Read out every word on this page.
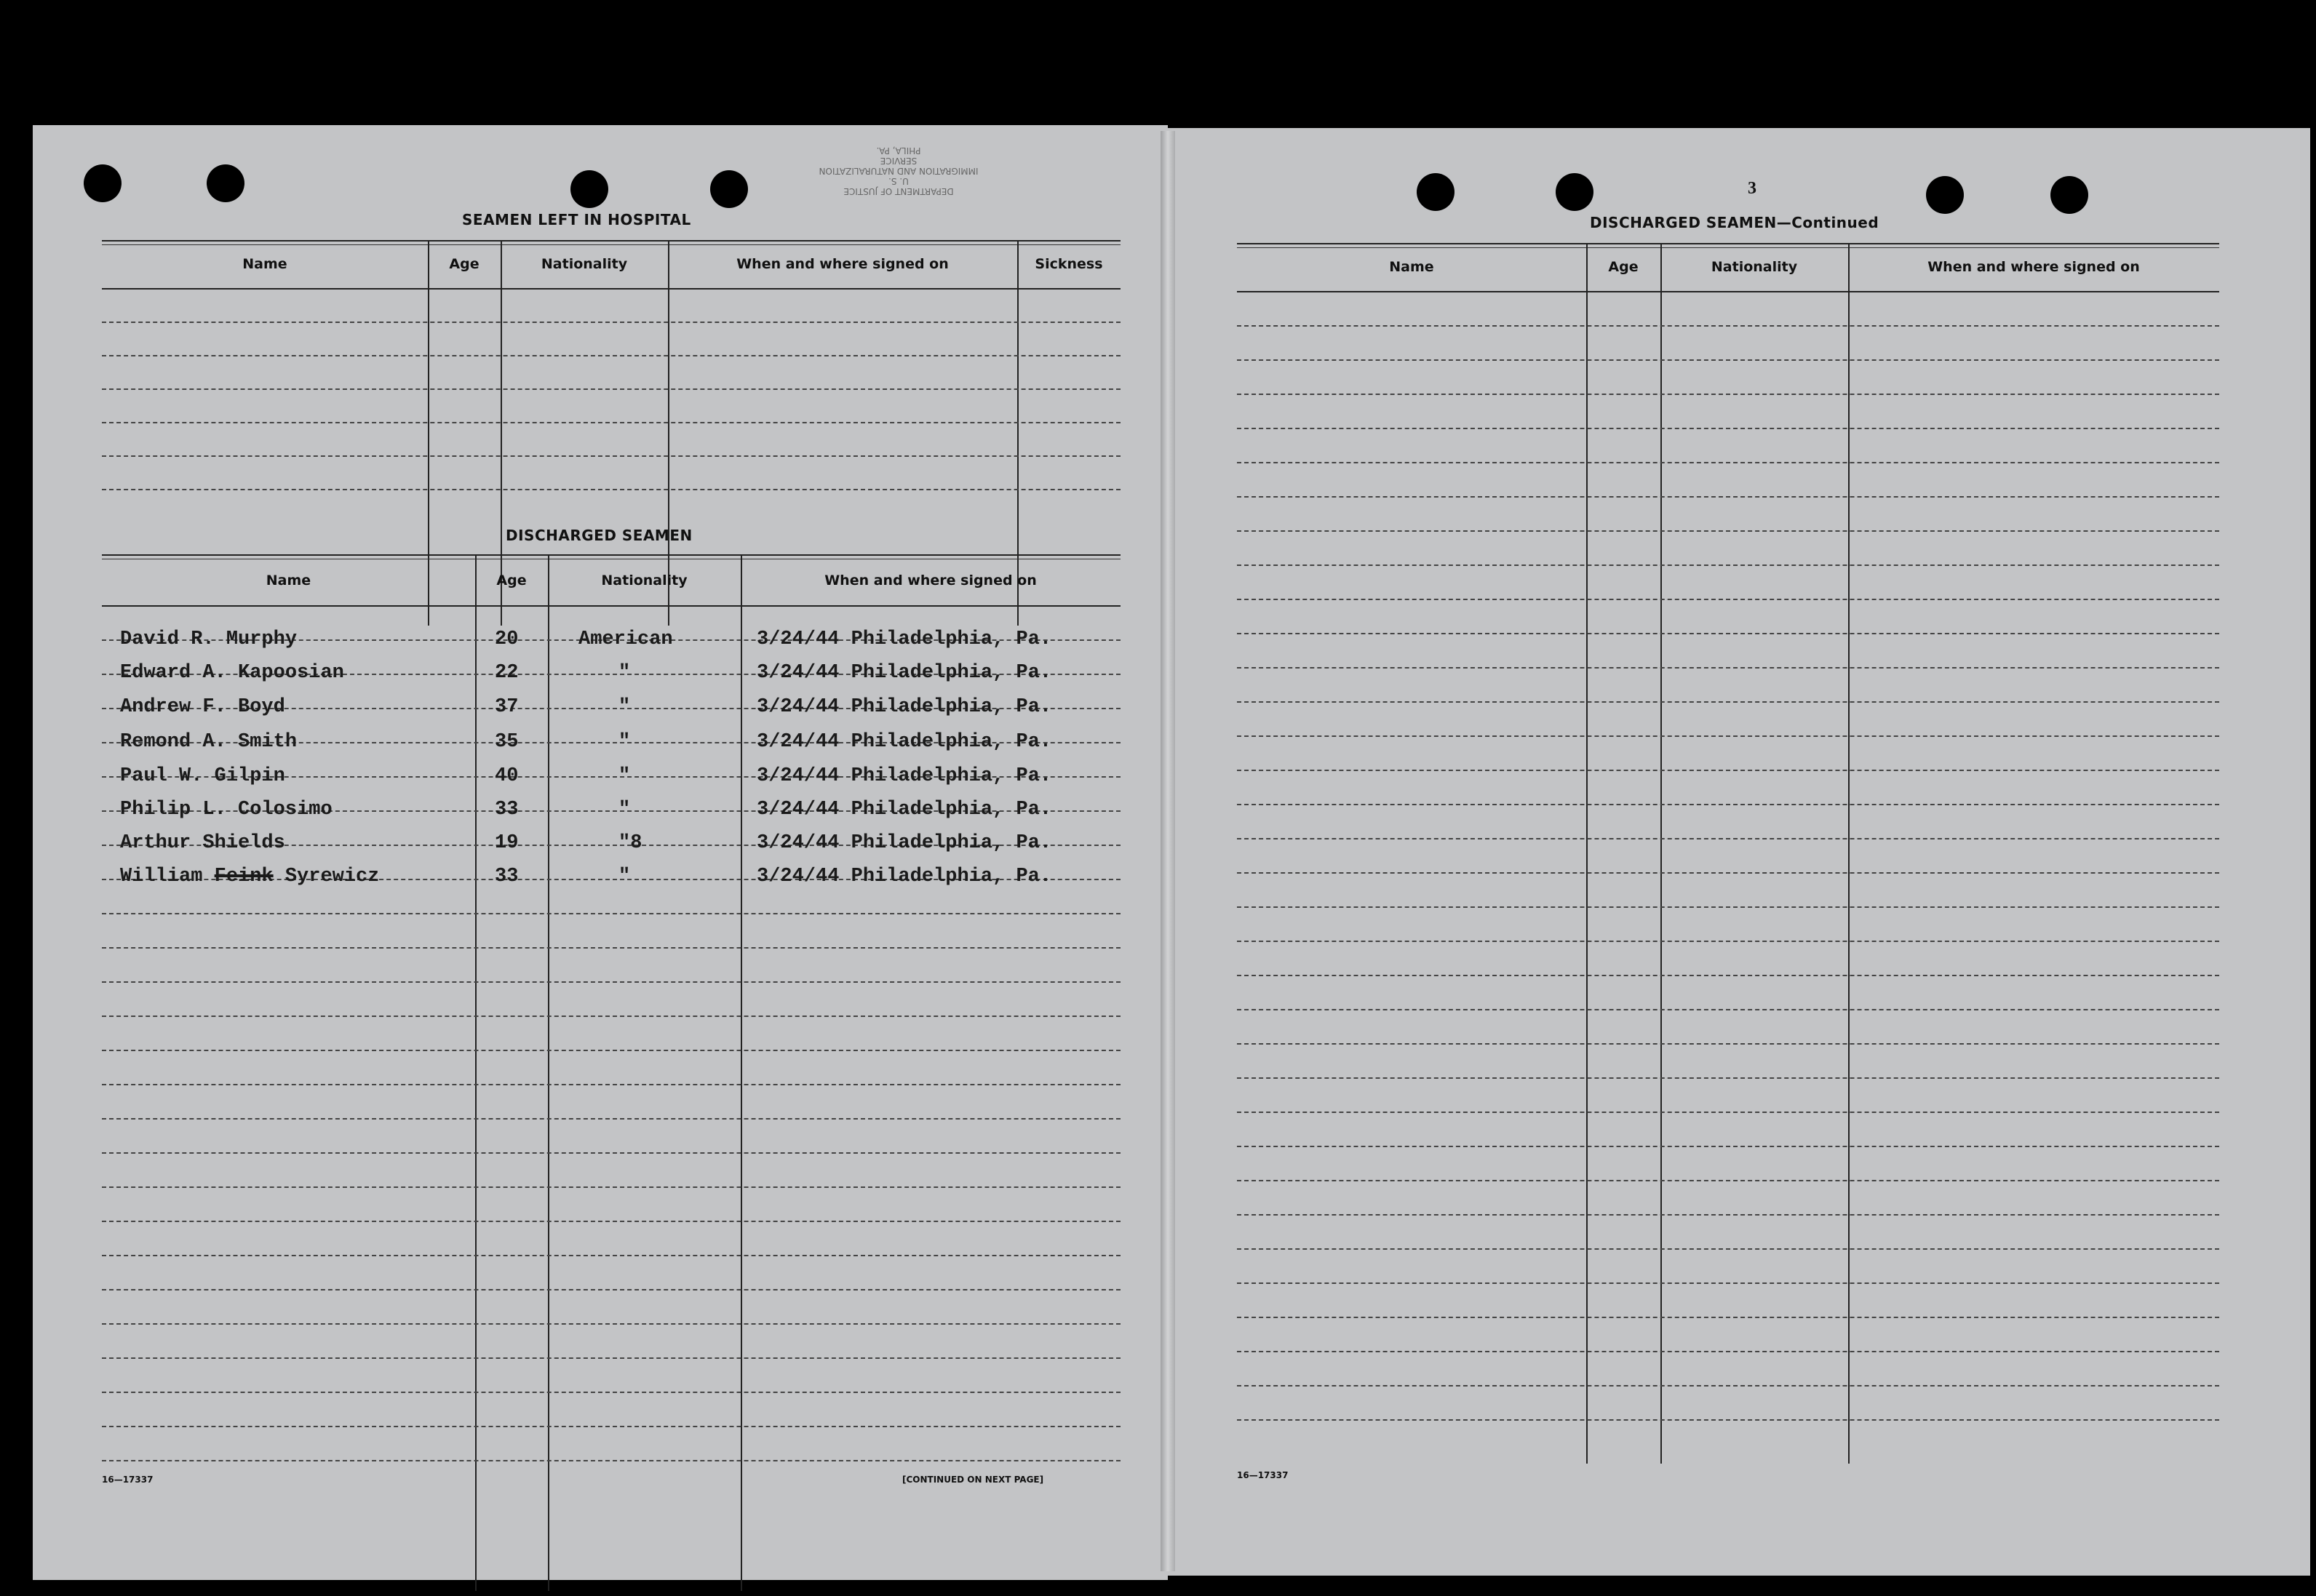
DEPARTMENT OF JUSTICE
U. S.
IMMIGRATION AND NATURALIZATION
SERVICE
PHILA, PA.
SEAMEN LEFT IN HOSPITAL
Name	Age	Nationality	When and where signed on	Sickness
DISCHARGED SEAMEN
Name	Age	Nationality	When and where signed on
David R. Murphy	20	American	3/24/44 Philadelphia, Pa.
Edward A. Kapoosian	22	"	3/24/44 Philadelphia, Pa.
Andrew F. Boyd	37	"	3/24/44 Philadelphia, Pa.
Remond A. Smith	35	"	3/24/44 Philadelphia, Pa.
Paul W. Gilpin	40	"	3/24/44 Philadelphia, Pa.
Philip L. Colosimo	33	"	3/24/44 Philadelphia, Pa.
Arthur Shields	19	"8	3/24/44 Philadelphia, Pa.
William Feink Syrewicz	33	"	3/24/44 Philadelphia, Pa.
16—17337	[CONTINUED ON NEXT PAGE]
3
DISCHARGED SEAMEN—Continued
Name	Age	Nationality	When and where signed on
16—17337
